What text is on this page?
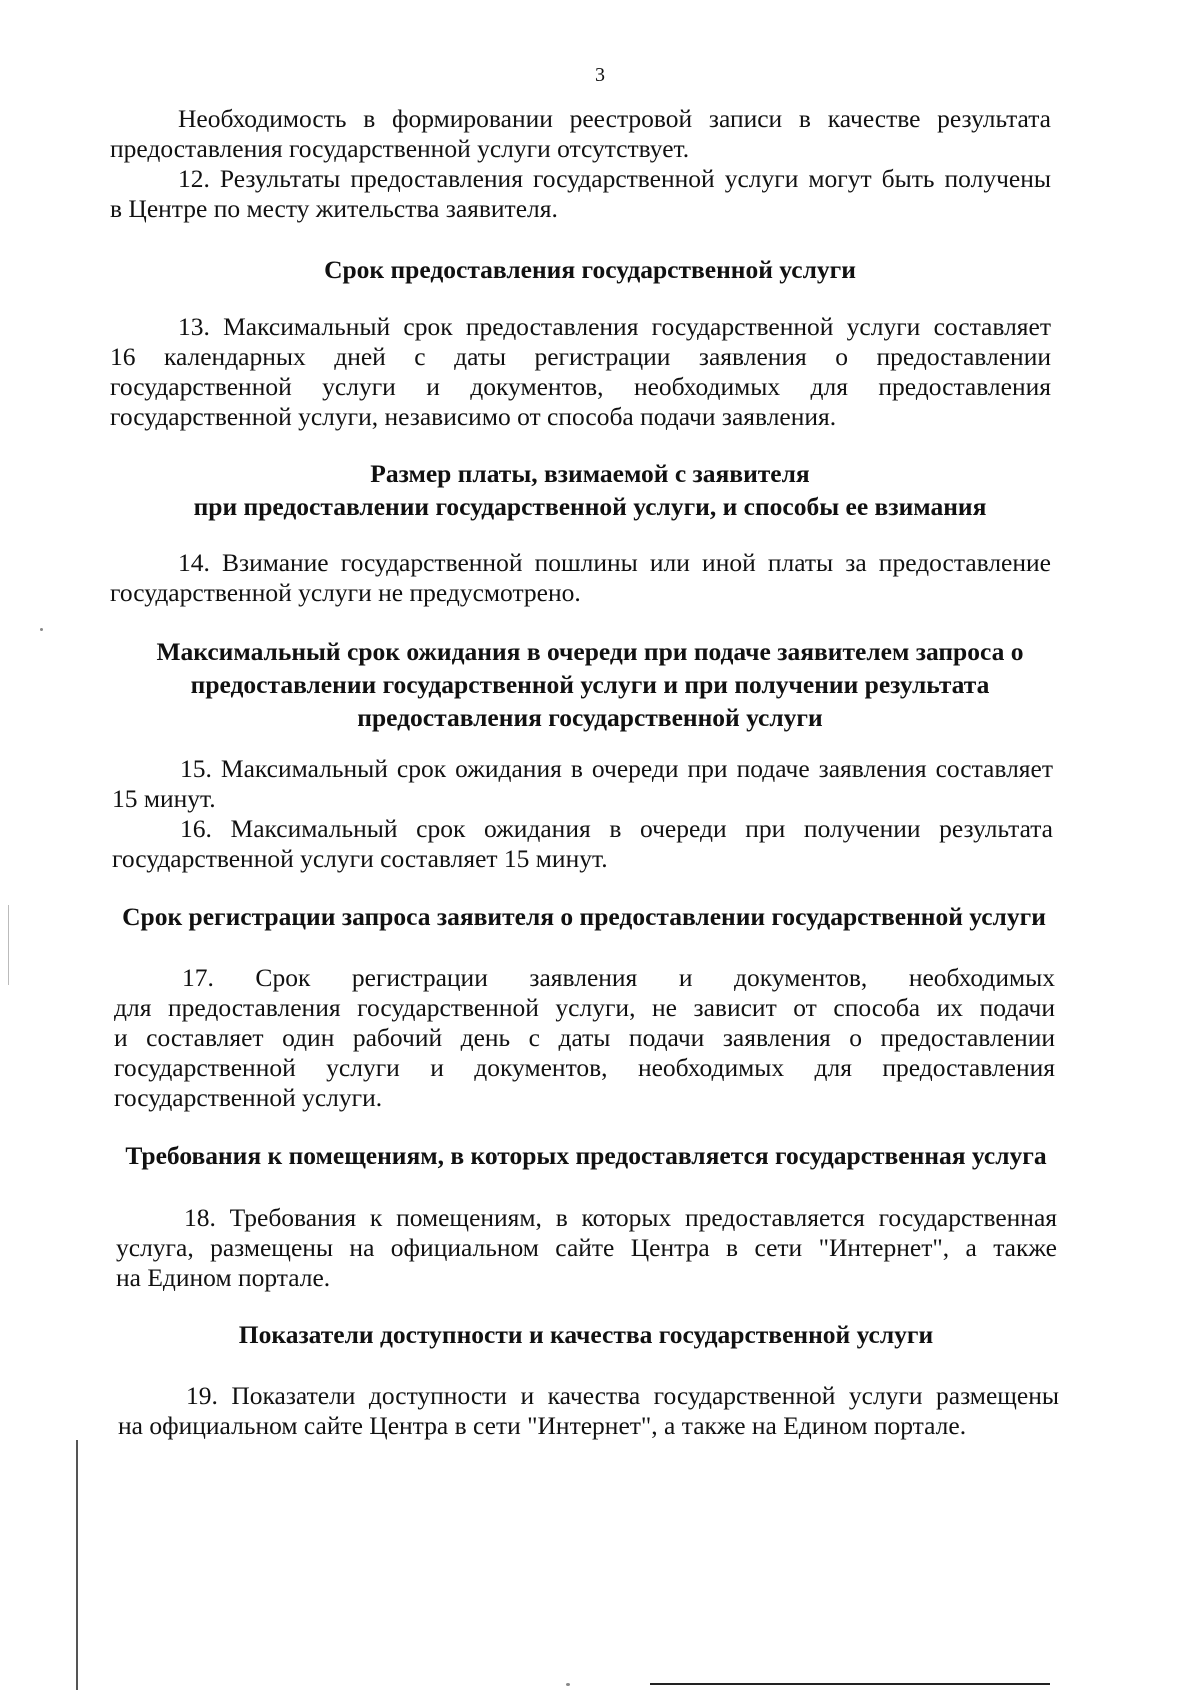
3
Необходимость в формировании реестровой записи в качестве результата
предоставления государственной услуги отсутствует.
12. Результаты предоставления государственной услуги могут быть получены
в Центре по месту жительства заявителя.
Срок предоставления государственной услуги
13. Максимальный срок предоставления государственной услуги составляет
16 календарных дней с даты регистрации заявления о предоставлении
государственной услуги и документов, необходимых для предоставления
государственной услуги, независимо от способа подачи заявления.
Размер платы, взимаемой с заявителя
при предоставлении государственной услуги, и способы ее взимания
14. Взимание государственной пошлины или иной платы за предоставление
государственной услуги не предусмотрено.
Максимальный срок ожидания в очереди при подаче заявителем запроса о
предоставлении государственной услуги и при получении результата
предоставления государственной услуги
15. Максимальный срок ожидания в очереди при подаче заявления составляет
15 минут.
16. Максимальный срок ожидания в очереди при получении результата
государственной услуги составляет 15 минут.
Срок регистрации запроса заявителя о предоставлении государственной услуги
17. Срок регистрации заявления и документов, необходимых
для предоставления государственной услуги, не зависит от способа их подачи
и составляет один рабочий день с даты подачи заявления о предоставлении
государственной услуги и документов, необходимых для предоставления
государственной услуги.
Требования к помещениям, в которых предоставляется государственная услуга
18. Требования к помещениям, в которых предоставляется государственная
услуга, размещены на официальном сайте Центра в сети "Интернет", а также
на Едином портале.
Показатели доступности и качества государственной услуги
19. Показатели доступности и качества государственной услуги размещены
на официальном сайте Центра в сети "Интернет", а также на Едином портале.
